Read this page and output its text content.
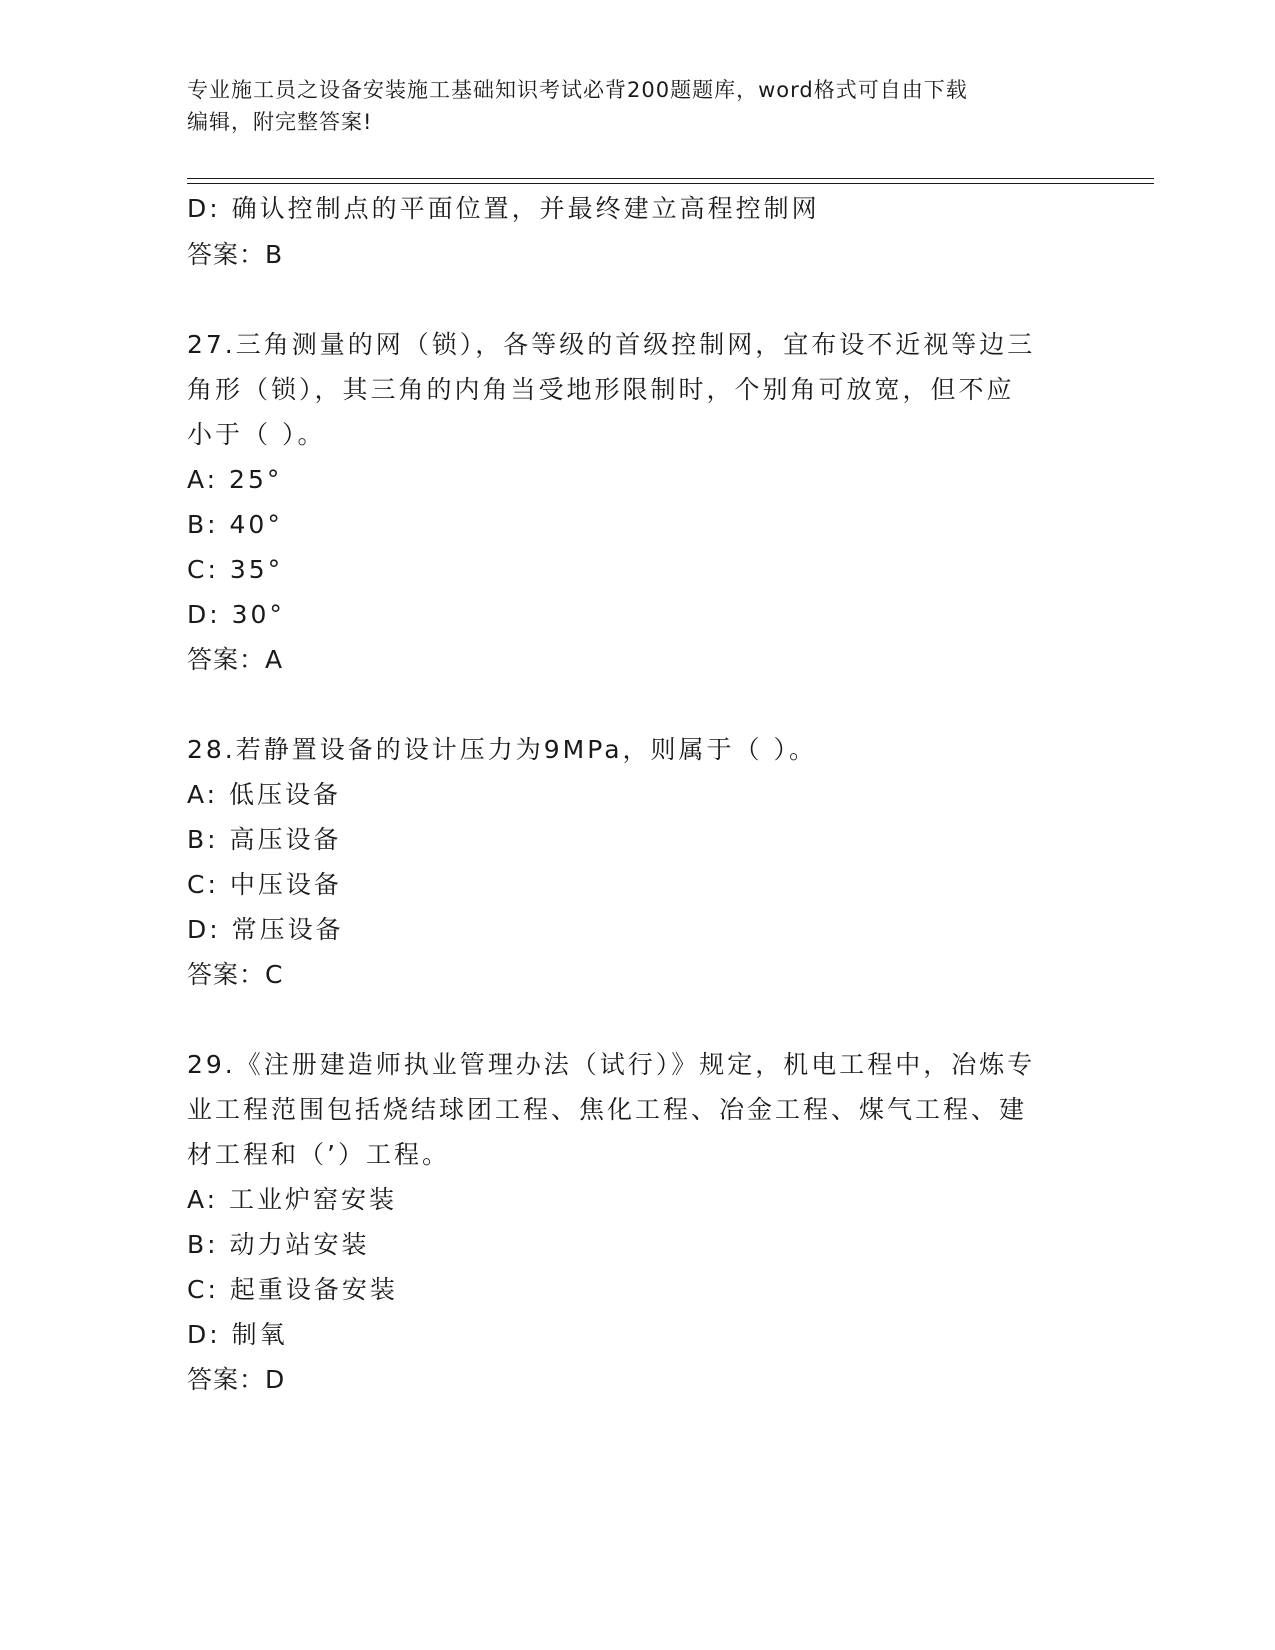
专业施工员之设备安装施工基础知识考试必背200题题库，word格式可自由下载
编辑，附完整答案!
D: 确认控制点的平面位置，并最终建立高程控制网
答案：B
27.三角测量的网（锁），各等级的首级控制网，宜布设不近视等边三
角形（锁），其三角的内角当受地形限制时，个别角可放宽，但不应
小于（ ）。
A: 25°
B: 40°
C: 35°
D: 30°
答案：A
28.若静置设备的设计压力为9MPa，则属于（ ）。
A: 低压设备
B: 高压设备
C: 中压设备
D: 常压设备
答案：C
29.《注册建造师执业管理办法（试行）》规定，机电工程中，冶炼专
业工程范围包括烧结球团工程、焦化工程、冶金工程、煤气工程、建
材工程和（’）工程。
A: 工业炉窑安装
B: 动力站安装
C: 起重设备安装
D: 制氧
答案：D
